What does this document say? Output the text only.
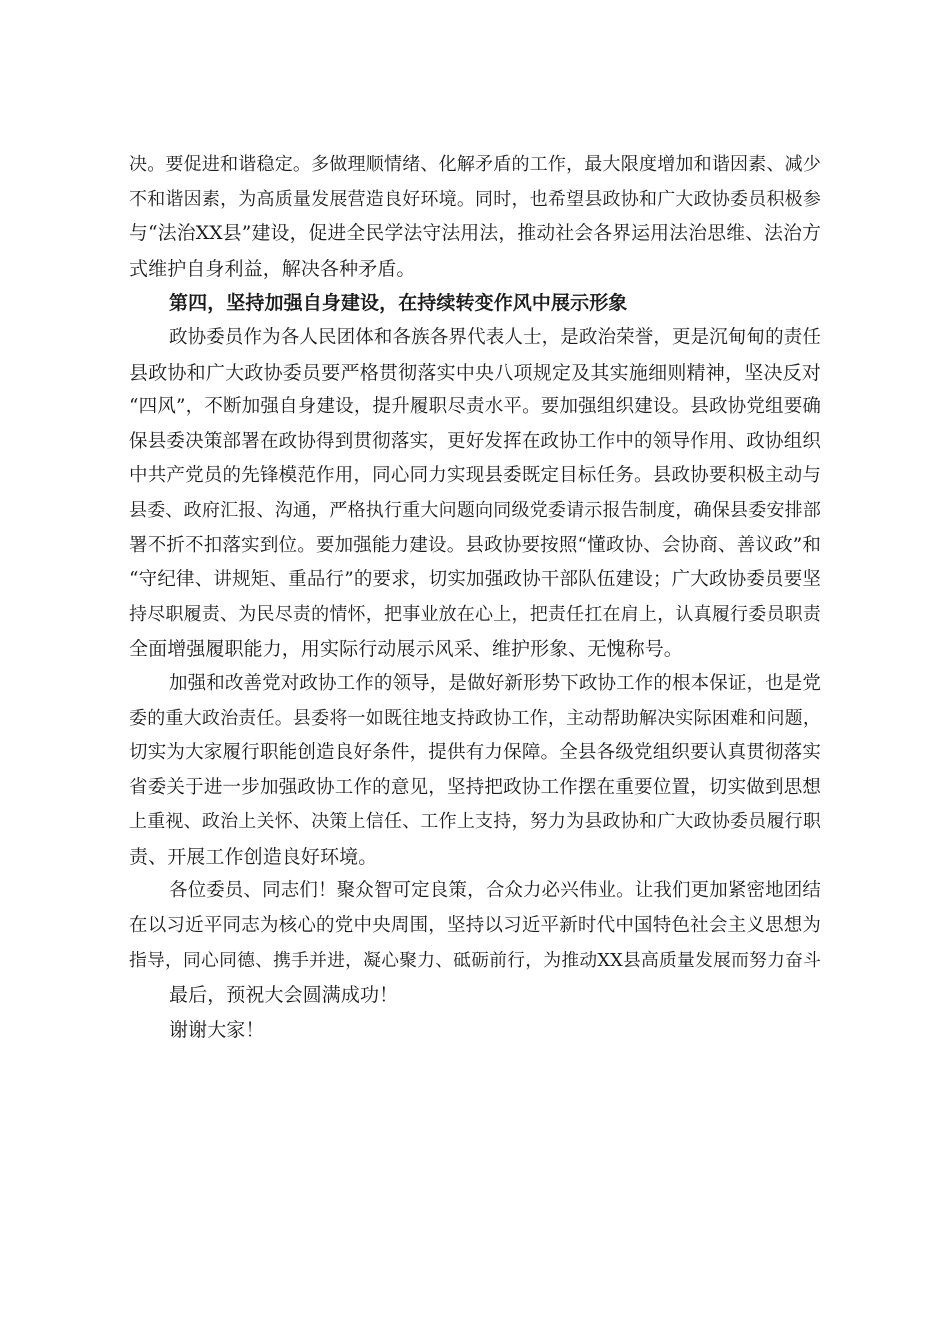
决。要促进和谐稳定。多做理顺情绪、化解矛盾的工作，最大限度增加和谐因素、减少
不和谐因素，为高质量发展营造良好环境。同时，也希望县政协和广大政协委员积极参
与“法治XX县”建设，促进全民学法守法用法，推动社会各界运用法治思维、法治方
式维护自身利益，解决各种矛盾。
第四，坚持加强自身建设，在持续转变作风中展示形象
政协委员作为各人民团体和各族各界代表人士，是政治荣誉，更是沉甸甸的责任
县政协和广大政协委员要严格贯彻落实中央八项规定及其实施细则精神，坚决反对
“四风”，不断加强自身建设，提升履职尽责水平。要加强组织建设。县政协党组要确
保县委决策部署在政协得到贯彻落实，更好发挥在政协工作中的领导作用、政协组织
中共产党员的先锋模范作用，同心同力实现县委既定目标任务。县政协要积极主动与
县委、政府汇报、沟通，严格执行重大问题向同级党委请示报告制度，确保县委安排部
署不折不扣落实到位。要加强能力建设。县政协要按照“懂政协、会协商、善议政”和
“守纪律、讲规矩、重品行”的要求，切实加强政协干部队伍建设；广大政协委员要坚
持尽职履责、为民尽责的情怀，把事业放在心上，把责任扛在肩上，认真履行委员职责
全面增强履职能力，用实际行动展示风采、维护形象、无愧称号。
加强和改善党对政协工作的领导，是做好新形势下政协工作的根本保证，也是党
委的重大政治责任。县委将一如既往地支持政协工作，主动帮助解决实际困难和问题，
切实为大家履行职能创造良好条件，提供有力保障。全县各级党组织要认真贯彻落实
省委关于进一步加强政协工作的意见，坚持把政协工作摆在重要位置，切实做到思想
上重视、政治上关怀、决策上信任、工作上支持，努力为县政协和广大政协委员履行职
责、开展工作创造良好环境。
各位委员、同志们！聚众智可定良策，合众力必兴伟业。让我们更加紧密地团结
在以习近平同志为核心的党中央周围，坚持以习近平新时代中国特色社会主义思想为
指导，同心同德、携手并进，凝心聚力、砥砺前行，为推动XX县高质量发展而努力奋斗
最后，预祝大会圆满成功！
谢谢大家！
